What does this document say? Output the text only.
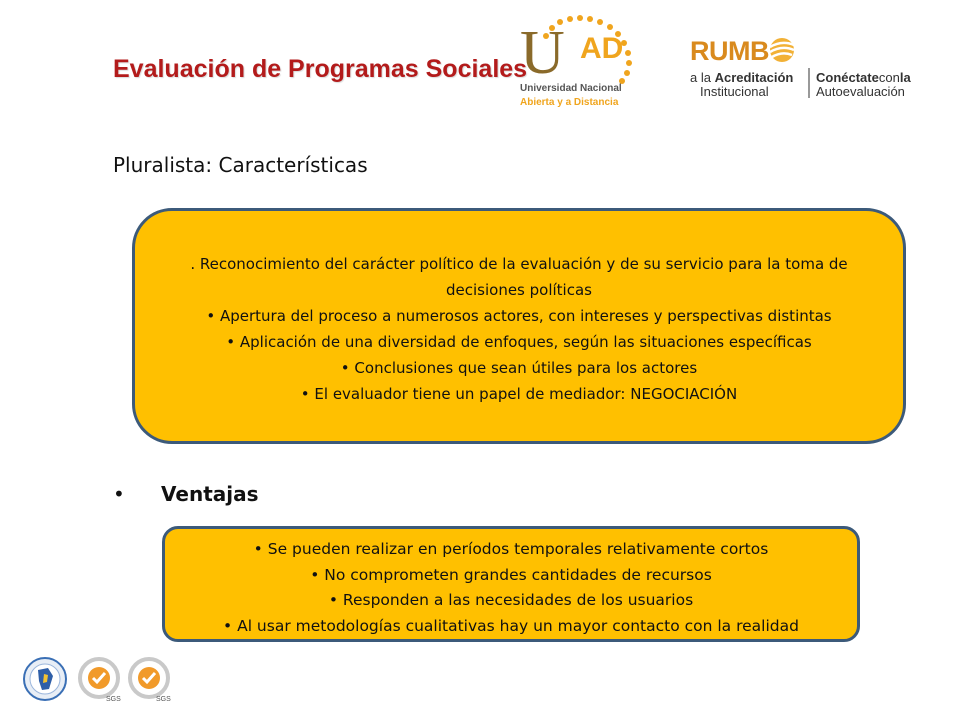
Evaluación de Programas Sociales
U AD
Universidad Nacional
Abierta y a Distancia
RUMB
a la Acreditación
Institucional
Conéctateconla
Autoevaluación
Pluralista: Características

. Reconocimiento del carácter político de la evaluación y de su servicio para la toma de decisiones políticas

• Apertura del proceso a numerosos actores, con intereses y perspectivas distintas

• Aplicación de una diversidad de enfoques, según las situaciones específicas

• Conclusiones que sean útiles para los actores

• El evaluador tiene un papel de mediador: NEGOCIACIÓN

• Ventajas

• Se pueden realizar en períodos temporales relativamente cortos

• No comprometen grandes cantidades de recursos

• Responden a las necesidades de los usuarios

• Al usar metodologías cualitativas hay un mayor contacto con la realidad

SGS	SGS
